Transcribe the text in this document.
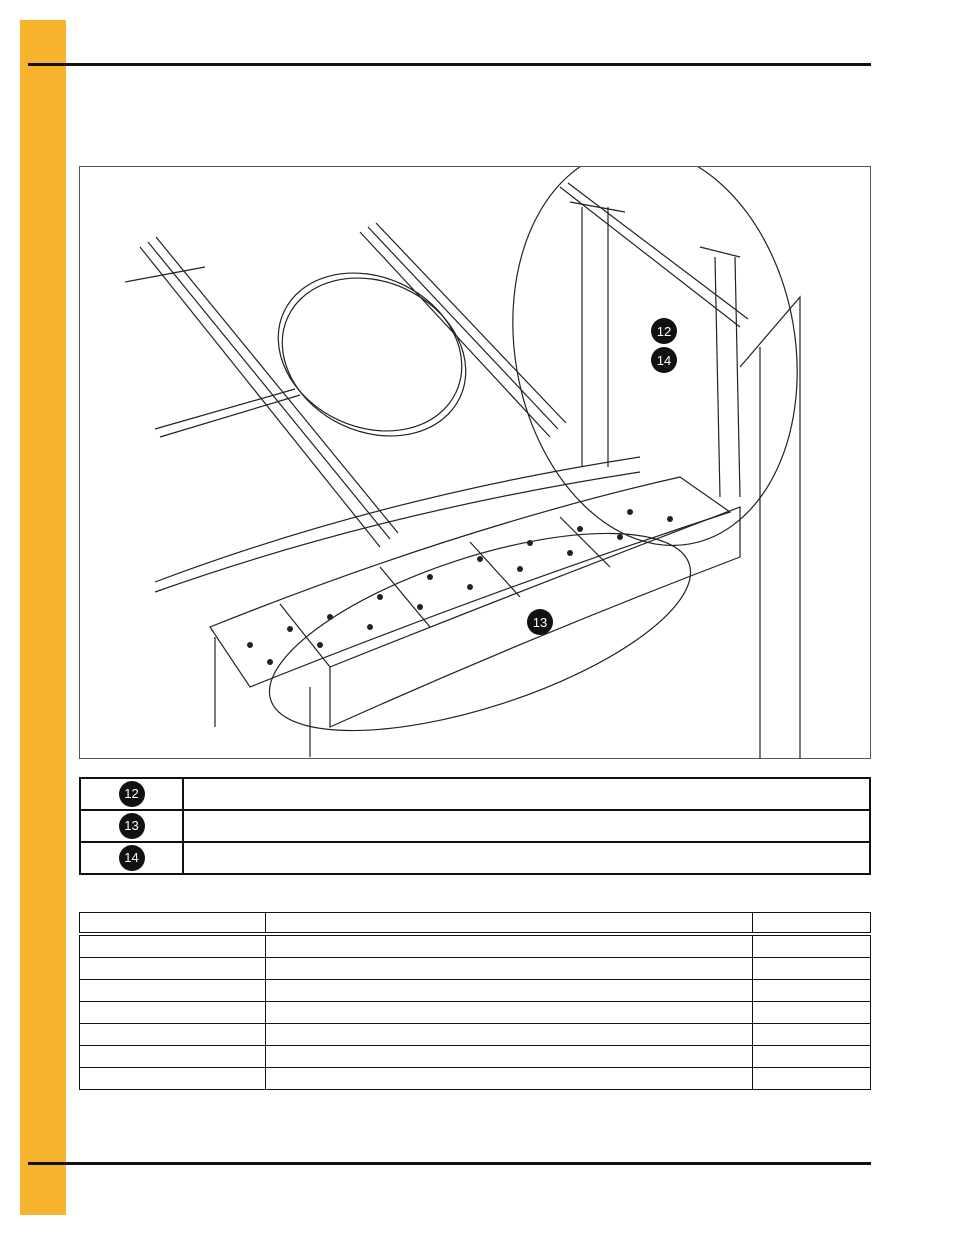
12
14
13
12	
13	
14	
